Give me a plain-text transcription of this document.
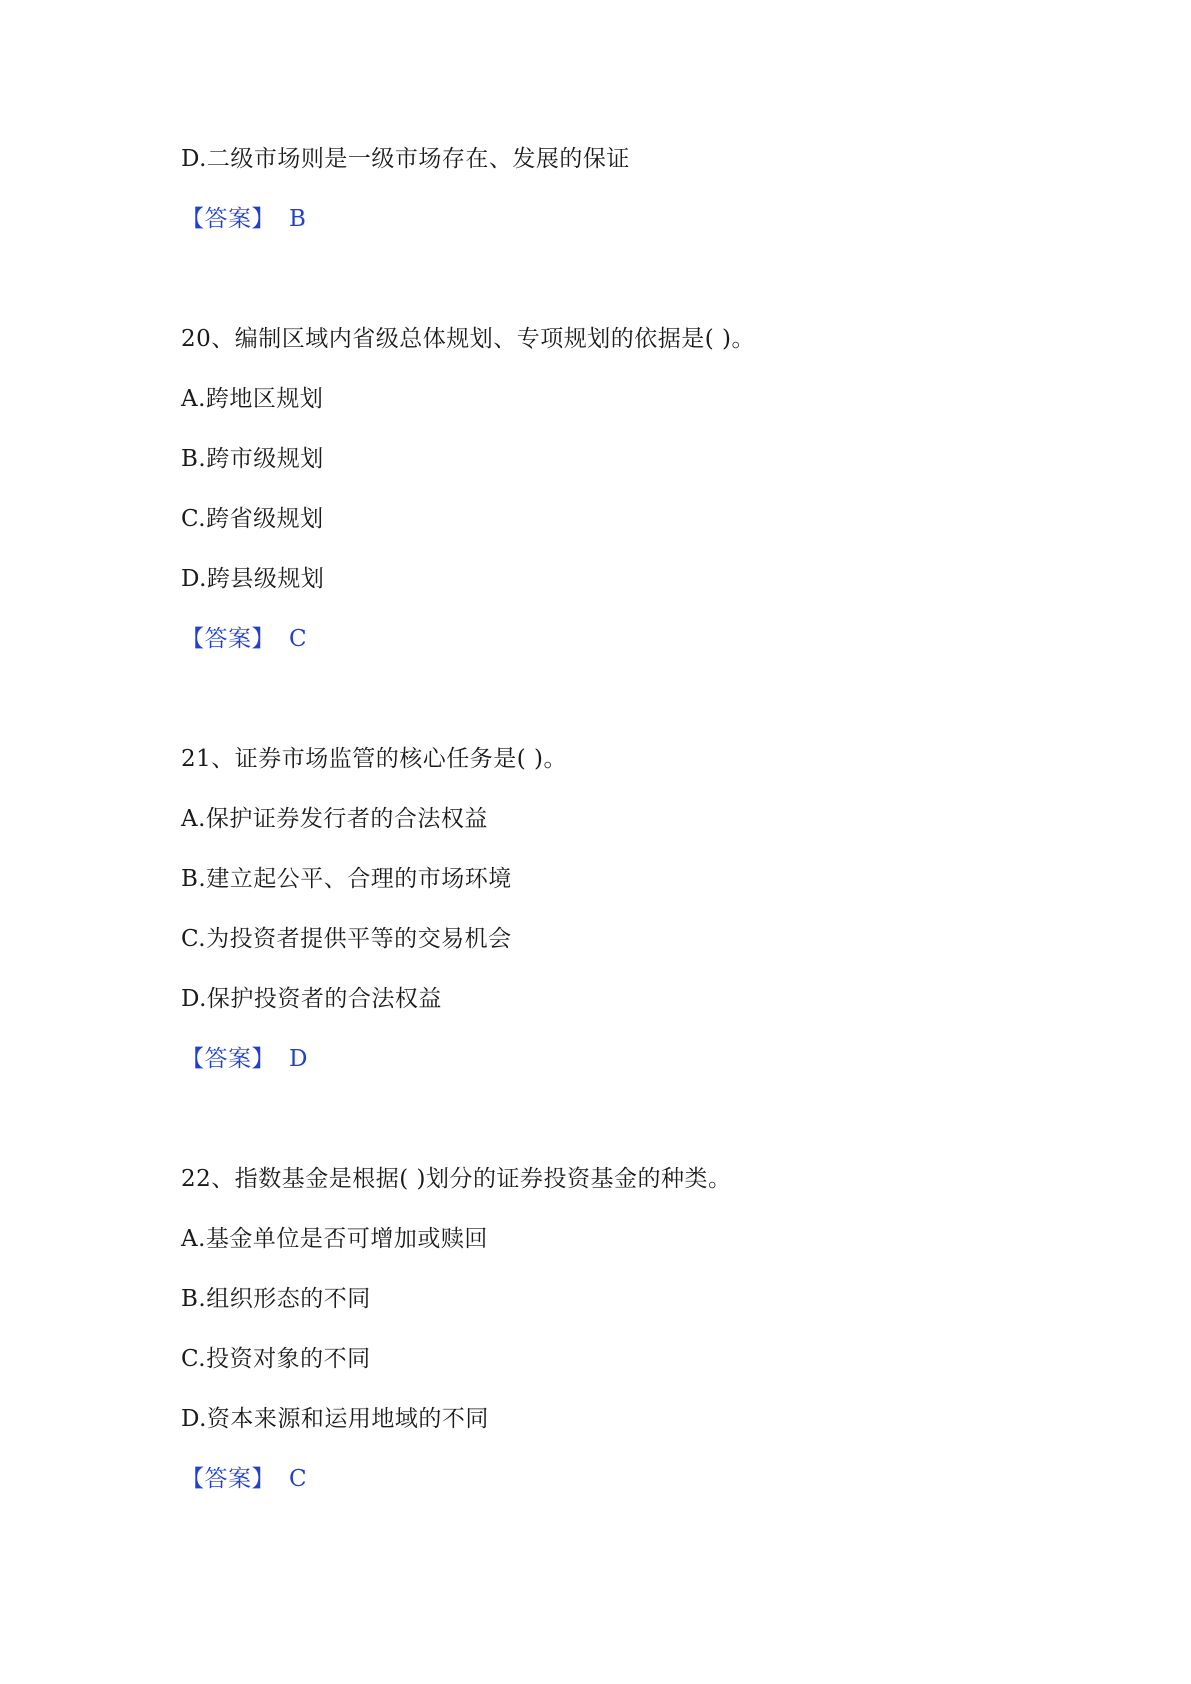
D.二级市场则是一级市场存在、发展的保证
【答案】 B
20、编制区域内省级总体规划、专项规划的依据是( )。
A.跨地区规划
B.跨市级规划
C.跨省级规划
D.跨县级规划
【答案】 C
21、证券市场监管的核心任务是( )。
A.保护证券发行者的合法权益
B.建立起公平、合理的市场环境
C.为投资者提供平等的交易机会
D.保护投资者的合法权益
【答案】 D
22、指数基金是根据( )划分的证券投资基金的种类。
A.基金单位是否可增加或赎回
B.组织形态的不同
C.投资对象的不同
D.资本来源和运用地域的不同
【答案】 C
